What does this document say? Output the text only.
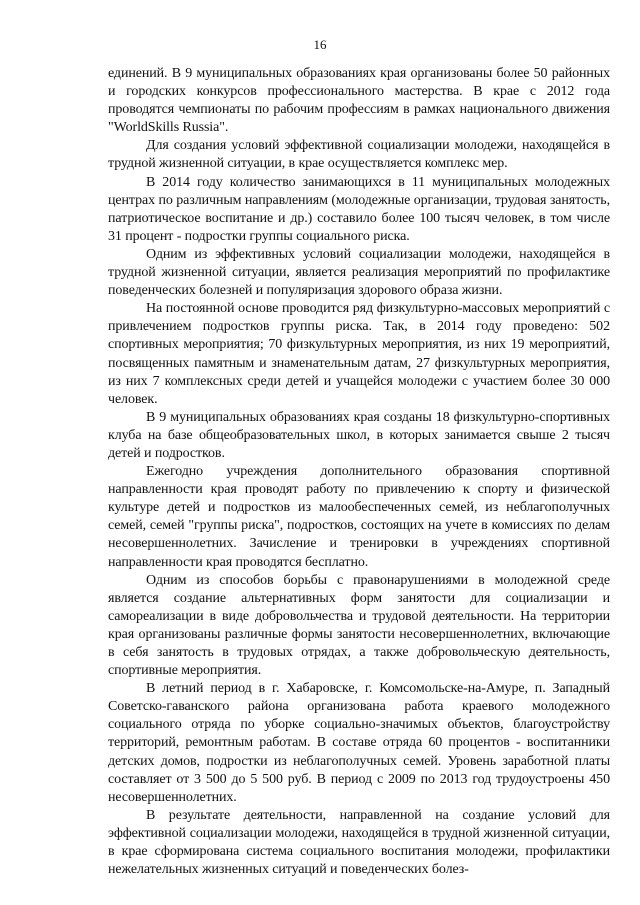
16

единений. В 9 муниципальных образованиях края организованы более 50 районных и городских конкурсов профессионального мастерства. В крае с 2012 года проводятся чемпионаты по рабочим профессиям в рамках национального движения "WorldSkills Russia".

Для создания условий эффективной социализации молодежи, находящейся в трудной жизненной ситуации, в крае осуществляется комплекс мер.

В 2014 году количество занимающихся в 11 муниципальных молодежных центрах по различным направлениям (молодежные организации, трудовая занятость, патриотическое воспитание и др.) составило более 100 тысяч человек, в том числе 31 процент - подростки группы социального риска.

Одним из эффективных условий социализации молодежи, находящейся в трудной жизненной ситуации, является реализация мероприятий по профилактике поведенческих болезней и популяризация здорового образа жизни.

На постоянной основе проводится ряд физкультурно-массовых мероприятий с привлечением подростков группы риска. Так, в 2014 году проведено: 502 спортивных мероприятия; 70 физкультурных мероприятия, из них 19 мероприятий, посвященных памятным и знаменательным датам, 27 физкультурных мероприятия, из них 7 комплексных среди детей и учащейся молодежи с участием более 30 000 человек.

В 9 муниципальных образованиях края созданы 18 физкультурно-спортивных клуба на базе общеобразовательных школ, в которых занимается свыше 2 тысяч детей и подростков.

Ежегодно учреждения дополнительного образования спортивной направленности края проводят работу по привлечению к спорту и физической культуре детей и подростков из малообеспеченных семей, из неблагополучных семей, семей "группы риска", подростков, состоящих на учете в комиссиях по делам несовершеннолетних. Зачисление и тренировки в учреждениях спортивной направленности края проводятся бесплатно.

Одним из способов борьбы с правонарушениями в молодежной среде является создание альтернативных форм занятости для социализации и самореализации в виде добровольчества и трудовой деятельности. На территории края организованы различные формы занятости несовершеннолетних, включающие в себя занятость в трудовых отрядах, а также добровольческую деятельность, спортивные мероприятия.

В летний период в г. Хабаровске, г. Комсомольске-на-Амуре, п. Западный Советско-гаванского района организована работа краевого молодежного социального отряда по уборке социально-значимых объектов, благоустройству территорий, ремонтным работам. В составе отряда 60 процентов - воспитанники детских домов, подростки из неблагополучных семей. Уровень заработной платы составляет от 3 500 до 5 500 руб. В период с 2009 по 2013 год трудоустроены 450 несовершеннолетних.

В результате деятельности, направленной на создание условий для эффективной социализации молодежи, находящейся в трудной жизненной ситуации, в крае сформирована система социального воспитания молодежи, профилактики нежелательных жизненных ситуаций и поведенческих болез-
